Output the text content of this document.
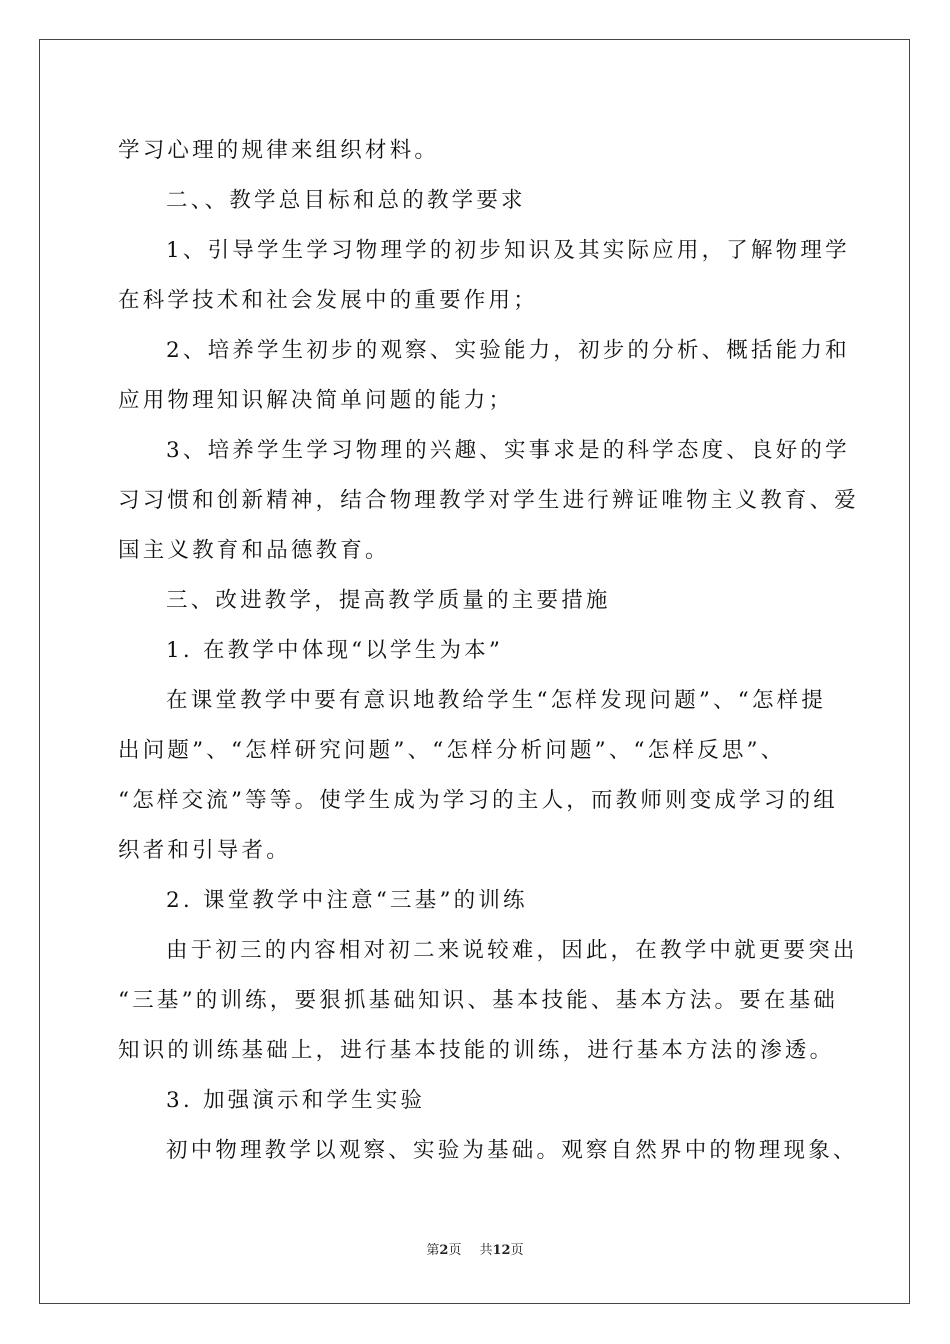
学习心理的规律来组织材料。
二、、教学总目标和总的教学要求
1、引导学生学习物理学的初步知识及其实际应用，了解物理学
在科学技术和社会发展中的重要作用；
2、培养学生初步的观察、实验能力，初步的分析、概括能力和
应用物理知识解决简单问题的能力；
3、培养学生学习物理的兴趣、实事求是的科学态度、良好的学
习习惯和创新精神，结合物理教学对学生进行辨证唯物主义教育、爱
国主义教育和品德教育。
三、改进教学，提高教学质量的主要措施
1. 在教学中体现“以学生为本”
在课堂教学中要有意识地教给学生“怎样发现问题”、“怎样提
出问题”、“怎样研究问题”、“怎样分析问题”、“怎样反思”、
“怎样交流”等等。使学生成为学习的主人，而教师则变成学习的组
织者和引导者。
2. 课堂教学中注意“三基”的训练
由于初三的内容相对初二来说较难，因此，在教学中就更要突出
“三基”的训练，要狠抓基础知识、基本技能、基本方法。要在基础
知识的训练基础上，进行基本技能的训练，进行基本方法的渗透。
3. 加强演示和学生实验
初中物理教学以观察、实验为基础。观察自然界中的物理现象、
第2页 共12页
